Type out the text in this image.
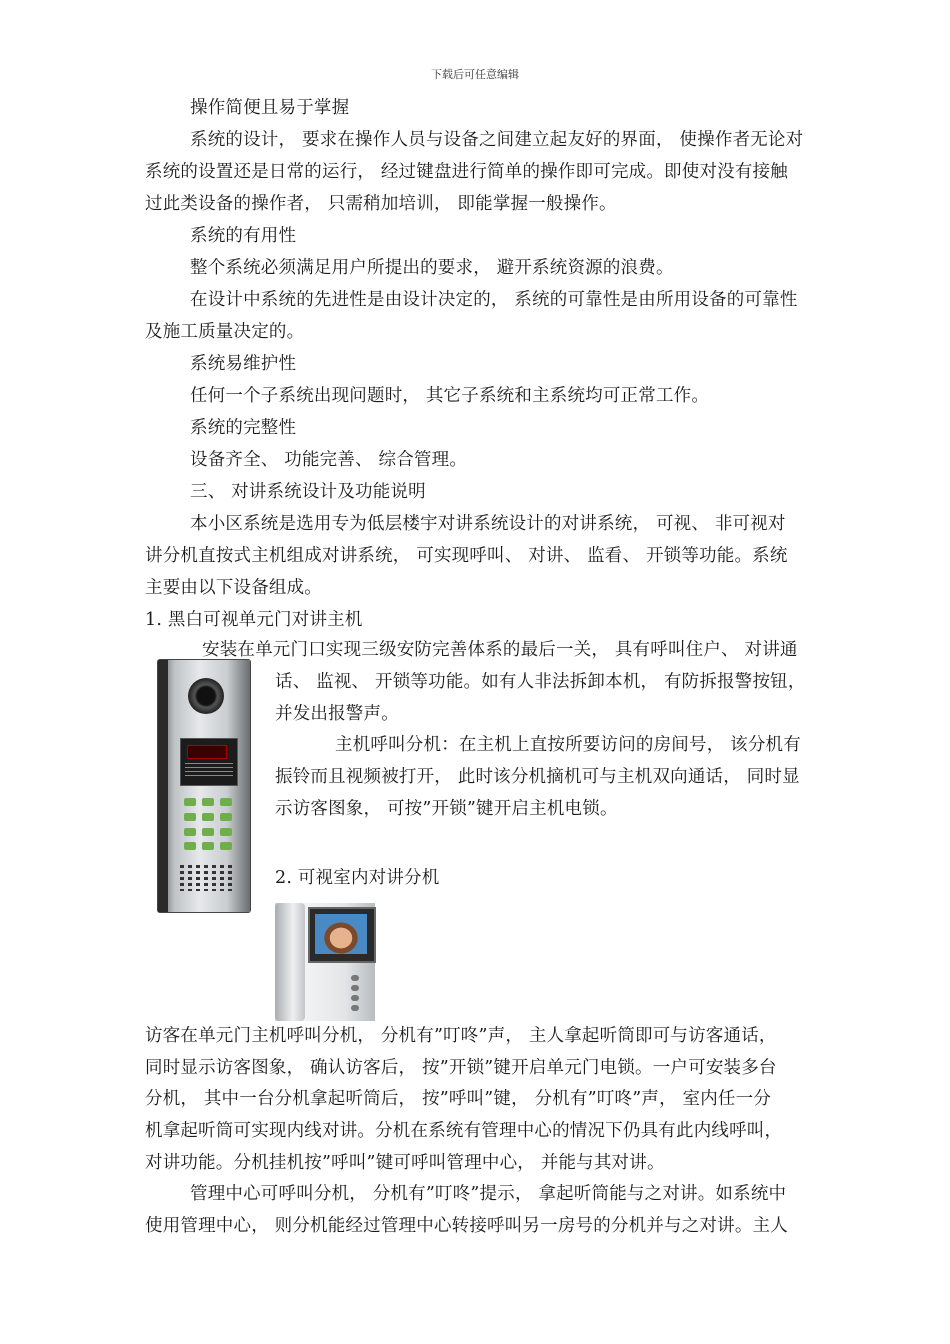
下载后可任意编辑
操作简便且易于掌握
系统的设计， 要求在操作人员与设备之间建立起友好的界面， 使操作者无论对
系统的设置还是日常的运行， 经过键盘进行简单的操作即可完成。即使对没有接触
过此类设备的操作者， 只需稍加培训， 即能掌握一般操作。
系统的有用性
整个系统必须满足用户所提出的要求， 避开系统资源的浪费。
在设计中系统的先进性是由设计决定的， 系统的可靠性是由所用设备的可靠性
及施工质量决定的。
系统易维护性
任何一个子系统出现问题时， 其它子系统和主系统均可正常工作。
系统的完整性
设备齐全、 功能完善、 综合管理。
三、 对讲系统设计及功能说明
本小区系统是选用专为低层楼宇对讲系统设计的对讲系统， 可视、 非可视对
讲分机直按式主机组成对讲系统， 可实现呼叫、 对讲、 监看、 开锁等功能。系统
主要由以下设备组成。
1. 黑白可视单元门对讲主机
安装在单元门口实现三级安防完善体系的最后一关， 具有呼叫住户、 对讲通
话、 监视、 开锁等功能。如有人非法拆卸本机， 有防拆报警按钮，
并发出报警声。
主机呼叫分机：在主机上直按所要访问的房间号， 该分机有
振铃而且视频被打开， 此时该分机摘机可与主机双向通话， 同时显
示访客图象， 可按”开锁”键开启主机电锁。
2. 可视室内对讲分机
访客在单元门主机呼叫分机， 分机有”叮咚”声， 主人拿起听筒即可与访客通话，
同时显示访客图象， 确认访客后， 按”开锁”键开启单元门电锁。一户可安装多台
分机， 其中一台分机拿起听筒后， 按”呼叫”键， 分机有”叮咚”声， 室内任一分
机拿起听筒可实现内线对讲。分机在系统有管理中心的情况下仍具有此内线呼叫，
对讲功能。分机挂机按”呼叫”键可呼叫管理中心， 并能与其对讲。
管理中心可呼叫分机， 分机有”叮咚”提示， 拿起听筒能与之对讲。如系统中
使用管理中心， 则分机能经过管理中心转接呼叫另一房号的分机并与之对讲。主人
